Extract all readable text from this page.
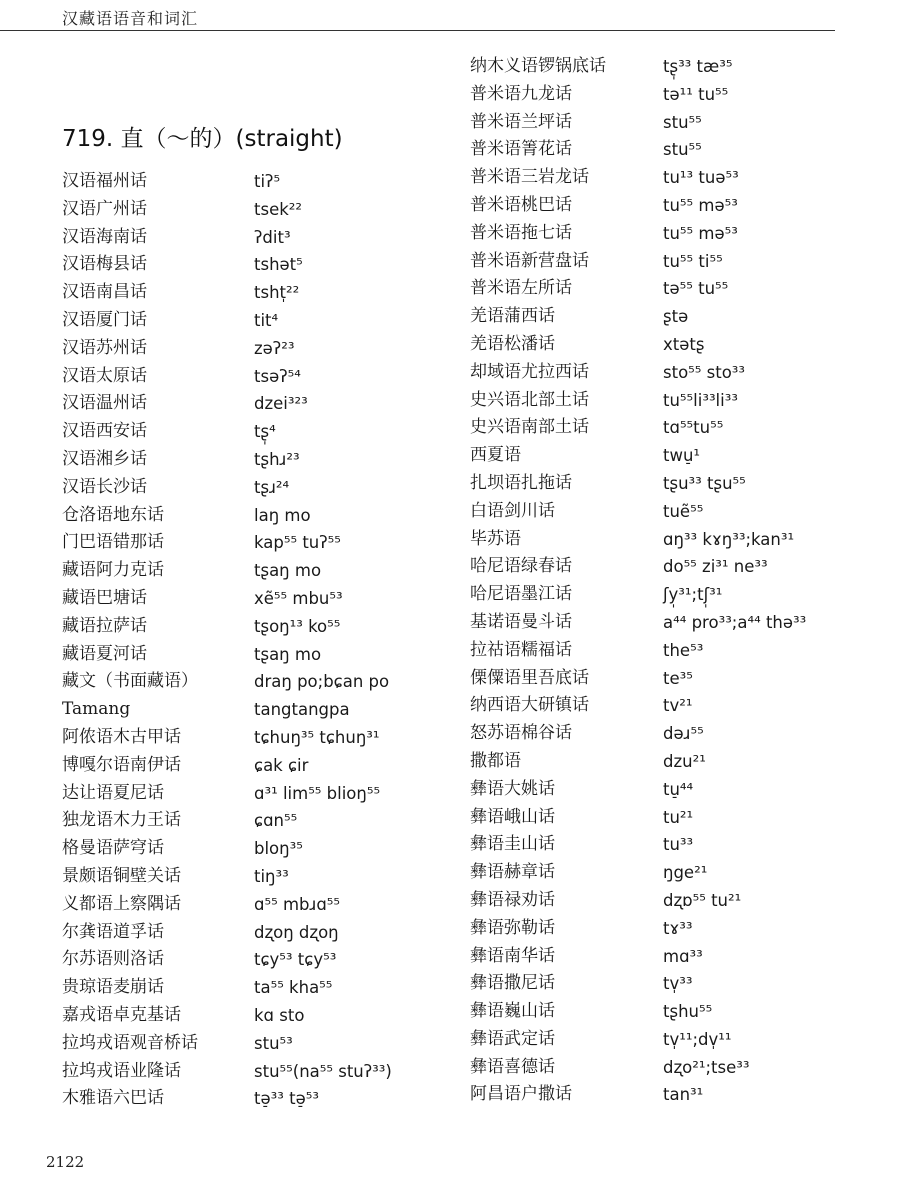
汉藏语语音和词汇
719. 直（～的）(straight)
汉语福州话	tiʔ⁵
汉语广州话	tsek²²
汉语海南话	ʔdit³
汉语梅县话	tshət⁵
汉语南昌话	tsht̩²²
汉语厦门话	tit⁴
汉语苏州话	zəʔ²³
汉语太原话	tsəʔ⁵⁴
汉语温州话	dzei³²³
汉语西安话	tʂ̩⁴
汉语湘乡话	tʂhɹ²³
汉语长沙话	tʂɹ²⁴
仓洛语地东话	laŋ mo
门巴语错那话	kap⁵⁵ tuʔ⁵⁵
藏语阿力克话	tʂaŋ mo
藏语巴塘话	xẽ⁵⁵ mbu⁵³
藏语拉萨话	tʂoŋ¹³ ko⁵⁵
藏语夏河话	tʂaŋ mo
藏文（书面藏语）	draŋ po;bɕan po
Tamang	tangtangpa
阿侬语木古甲话	tɕhuŋ³⁵ tɕhuŋ³¹
博嘎尔语南伊话	ɕak ɕir
达让语夏尼话	ɑ³¹ lim⁵⁵ blioŋ⁵⁵
独龙语木力王话	ɕɑn⁵⁵
格曼语萨穹话	bloŋ³⁵
景颇语铜壁关话	tiŋ³³
义都语上察隅话	ɑ⁵⁵ mbɹɑ⁵⁵
尔龚语道孚话	dʐoŋ dʐoŋ
尔苏语则洛话	tɕy⁵³ tɕy⁵³
贵琼语麦崩话	ta⁵⁵ kha⁵⁵
嘉戎语卓克基话	kɑ sto
拉坞戎语观音桥话	stu⁵³
拉坞戎语业隆话	stu⁵⁵(na⁵⁵ stuʔ³³)
木雅语六巴话	tə̠³³ tə̠⁵³
纳木义语锣锅底话	tʂ̩³³ tæ³⁵
普米语九龙话	tə¹¹ tu⁵⁵
普米语兰坪话	stu⁵⁵
普米语箐花话	stu⁵⁵
普米语三岩龙话	tu¹³ tuə⁵³
普米语桃巴话	tu⁵⁵ mə⁵³
普米语拖七话	tu⁵⁵ mə⁵³
普米语新营盘话	tu⁵⁵ ti⁵⁵
普米语左所话	tə⁵⁵ tu⁵⁵
羌语蒲西话	ʂtə
羌语松潘话	xtətʂ
却域语尤拉西话	sto⁵⁵ sto³³
史兴语北部土话	tu⁵⁵li³³li³³
史兴语南部土话	tɑ⁵⁵tu⁵⁵
西夏语	twu̠¹
扎坝语扎拖话	tʂu³³ tʂu⁵⁵
白语剑川话	tuẽ⁵⁵
毕苏语	ɑŋ³³ kɤŋ³³;kan³¹
哈尼语绿春话	do⁵⁵ zi³¹ ne³³
哈尼语墨江话	ʃy̩³¹;tʃ̩³¹
基诺语曼斗话	a⁴⁴ pro³³;a⁴⁴ thə³³
拉祜语糯福话	the⁵³
傈僳语里吾底话	te³⁵
纳西语大研镇话	tv²¹
怒苏语棉谷话	dəɹ⁵⁵
撒都语	dzu²¹
彝语大姚话	tu̠⁴⁴
彝语峨山话	tu²¹
彝语圭山话	tu³³
彝语赫章话	ŋge²¹
彝语禄劝话	dʐɒ⁵⁵ tu²¹
彝语弥勒话	tɤ³³
彝语南华话	mɑ³³
彝语撒尼话	tv̩³³
彝语巍山话	tʂhu⁵⁵
彝语武定话	tv̩¹¹;dv̩¹¹
彝语喜德话	dʐo²¹;tse³³
阿昌语户撒话	tan³¹
2122
